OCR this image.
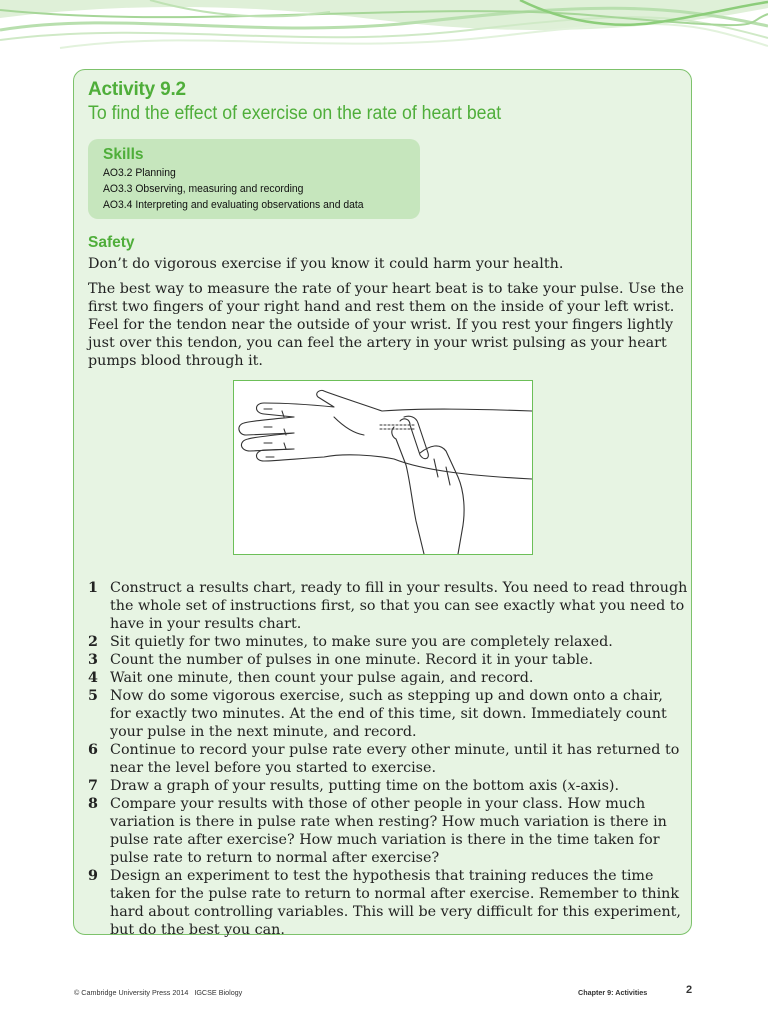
Activity 9.2
To find the effect of exercise on the rate of heart beat
Skills
AO3.2 Planning
AO3.3 Observing, measuring and recording
AO3.4 Interpreting and evaluating observations and data
Safety
Don’t do vigorous exercise if you know it could harm your health.
The best way to measure the rate of your heart beat is to take your pulse. Use the first two fingers of your right hand and rest them on the inside of your left wrist. Feel for the tendon near the outside of your wrist. If you rest your fingers lightly just over this tendon, you can feel the artery in your wrist pulsing as your heart pumps blood through it.
1 Construct a results chart, ready to fill in your results. You need to read through the whole set of instructions first, so that you can see exactly what you need to have in your results chart.
2 Sit quietly for two minutes, to make sure you are completely relaxed.
3 Count the number of pulses in one minute. Record it in your table.
4 Wait one minute, then count your pulse again, and record.
5 Now do some vigorous exercise, such as stepping up and down onto a chair, for exactly two minutes. At the end of this time, sit down. Immediately count your pulse in the next minute, and record.
6 Continue to record your pulse rate every other minute, until it has returned to near the level before you started to exercise.
7 Draw a graph of your results, putting time on the bottom axis (x-axis).
8 Compare your results with those of other people in your class. How much variation is there in pulse rate when resting? How much variation is there in pulse rate after exercise? How much variation is there in the time taken for pulse rate to return to normal after exercise?
9 Design an experiment to test the hypothesis that training reduces the time taken for the pulse rate to return to normal after exercise. Remember to think hard about controlling variables. This will be very difficult for this experiment, but do the best you can.
© Cambridge University Press 2014   IGCSE Biology	Chapter 9: Activities	2
